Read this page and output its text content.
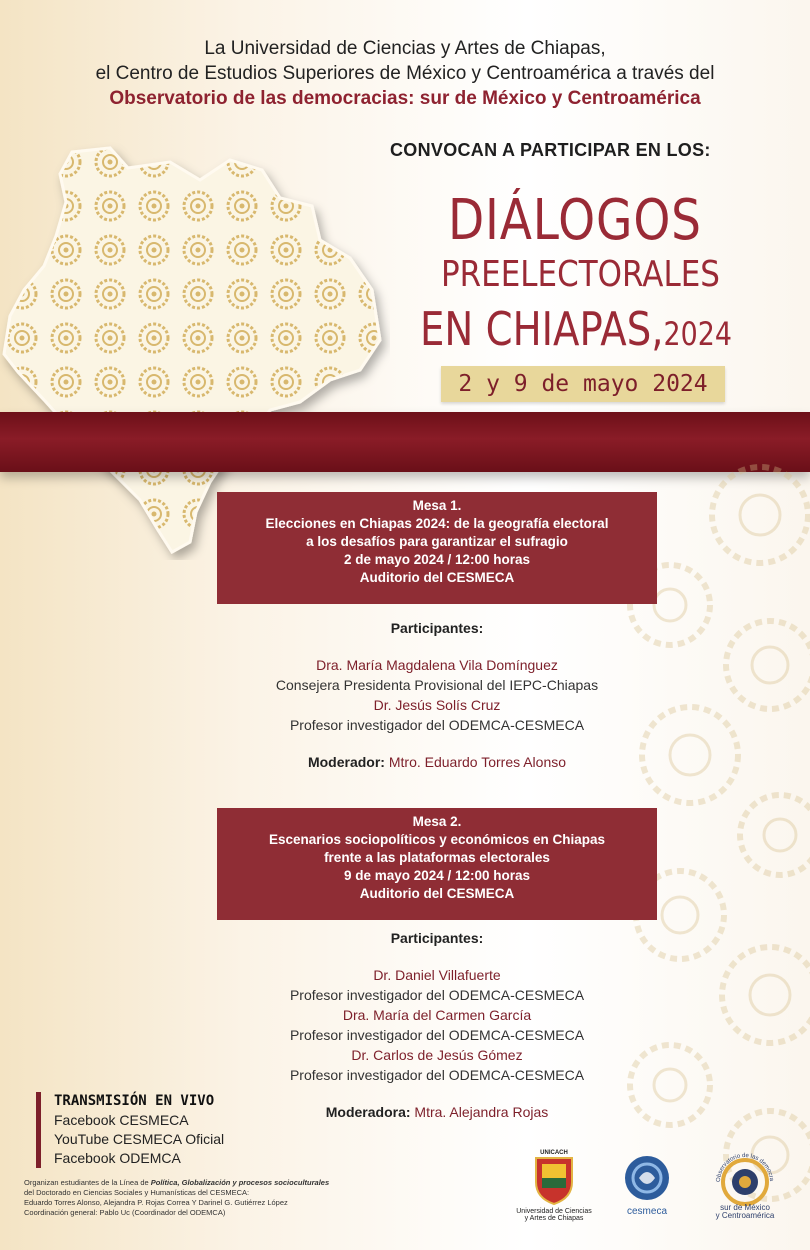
La Universidad de Ciencias y Artes de Chiapas,
el Centro de Estudios Superiores de México y Centroamérica a través del
Observatorio de las democracias: sur de México y Centroamérica
CONVOCAN A PARTICIPAR EN LOS:
DIÁLOGOS
PREELECTORALES
EN CHIAPAS,2024
2 y 9 de mayo 2024
Mesa 1.
Elecciones en Chiapas 2024: de la geografía electoral
a los desafíos para garantizar el sufragio
2 de mayo 2024 / 12:00 horas
Auditorio del CESMECA
Participantes:
Dra. María Magdalena Vila Domínguez
Consejera Presidenta Provisional del IEPC-Chiapas
Dr. Jesús Solís Cruz
Profesor investigador del ODEMCA-CESMECA
Moderador: Mtro. Eduardo Torres Alonso
Mesa 2.
Escenarios sociopolíticos y económicos en Chiapas
frente a las plataformas electorales
9 de mayo 2024 / 12:00 horas
Auditorio del CESMECA
Participantes:
Dr. Daniel Villafuerte
Profesor investigador del ODEMCA-CESMECA
Dra. María del Carmen García
Profesor investigador del ODEMCA-CESMECA
Dr. Carlos de Jesús Gómez
Profesor investigador del ODEMCA-CESMECA
Moderadora: Mtra. Alejandra Rojas
TRANSMISIÓN EN VIVO
Facebook CESMECA
YouTube CESMECA Oficial
Facebook ODEMCA
Organizan estudiantes de la Línea de Política, Globalización y procesos socioculturales
del Doctorado en Ciencias Sociales y Humanísticas del CESMECA:
Eduardo Torres Alonso, Alejandra P. Rojas Correa Y Darinel G. Gutiérrez López
Coordinación general: Pablo Uc (Coordinador del ODEMCA)
UNICACH
Universidad de Ciencias
y Artes de Chiapas
cesmeca
Observatorio de las democra
sur de México
y Centroamérica
